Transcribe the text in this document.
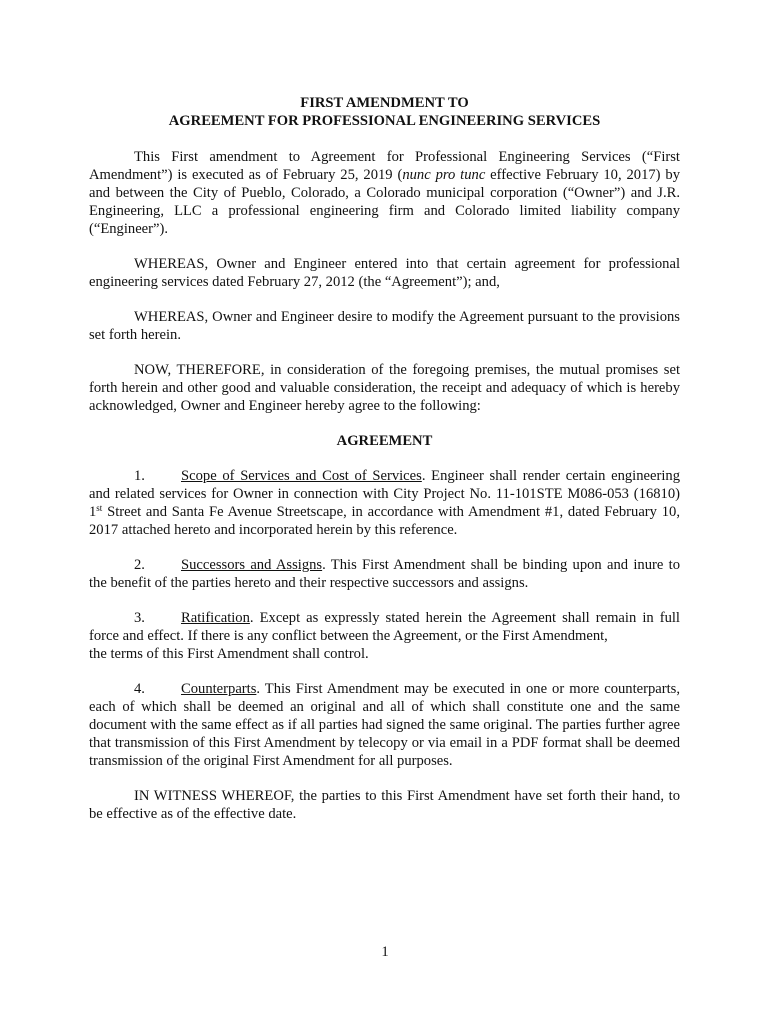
FIRST AMENDMENT TO

AGREEMENT FOR PROFESSIONAL ENGINEERING SERVICES

This First amendment to Agreement for Professional Engineering Services (“First Amendment”) is executed as of February 25, 2019 (nunc pro tunc effective February 10, 2017) by and between the City of Pueblo, Colorado, a Colorado municipal corporation (“Owner”) and J.R. Engineering, LLC a professional engineering firm and Colorado limited liability company (“Engineer”).

WHEREAS, Owner and Engineer entered into that certain agreement for professional engineering services dated February 27, 2012 (the “Agreement”); and,

WHEREAS, Owner and Engineer desire to modify the Agreement pursuant to the provisions set forth herein.

NOW, THEREFORE, in consideration of the foregoing premises, the mutual promises set forth herein and other good and valuable consideration, the receipt and adequacy of which is hereby acknowledged, Owner and Engineer hereby agree to the following:

AGREEMENT

1. Scope of Services and Cost of Services. Engineer shall render certain engineering and related services for Owner in connection with City Project No. 11-101STE M086-053 (16810) 1st Street and Santa Fe Avenue Streetscape, in accordance with Amendment #1, dated February 10, 2017 attached hereto and incorporated herein by this reference.

2. Successors and Assigns. This First Amendment shall be binding upon and inure to the benefit of the parties hereto and their respective successors and assigns.

3. Ratification. Except as expressly stated herein the Agreement shall remain in full force and effect. If there is any conflict between the Agreement, or the First Amendment,

the terms of this First Amendment shall control.

4. Counterparts. This First Amendment may be executed in one or more counterparts, each of which shall be deemed an original and all of which shall constitute one and the same document with the same effect as if all parties had signed the same original. The parties further agree that transmission of this First Amendment by telecopy or via email in a PDF format shall be deemed transmission of the original First Amendment for all purposes.

IN WITNESS WHEREOF, the parties to this First Amendment have set forth their hand, to be effective as of the effective date.

1
